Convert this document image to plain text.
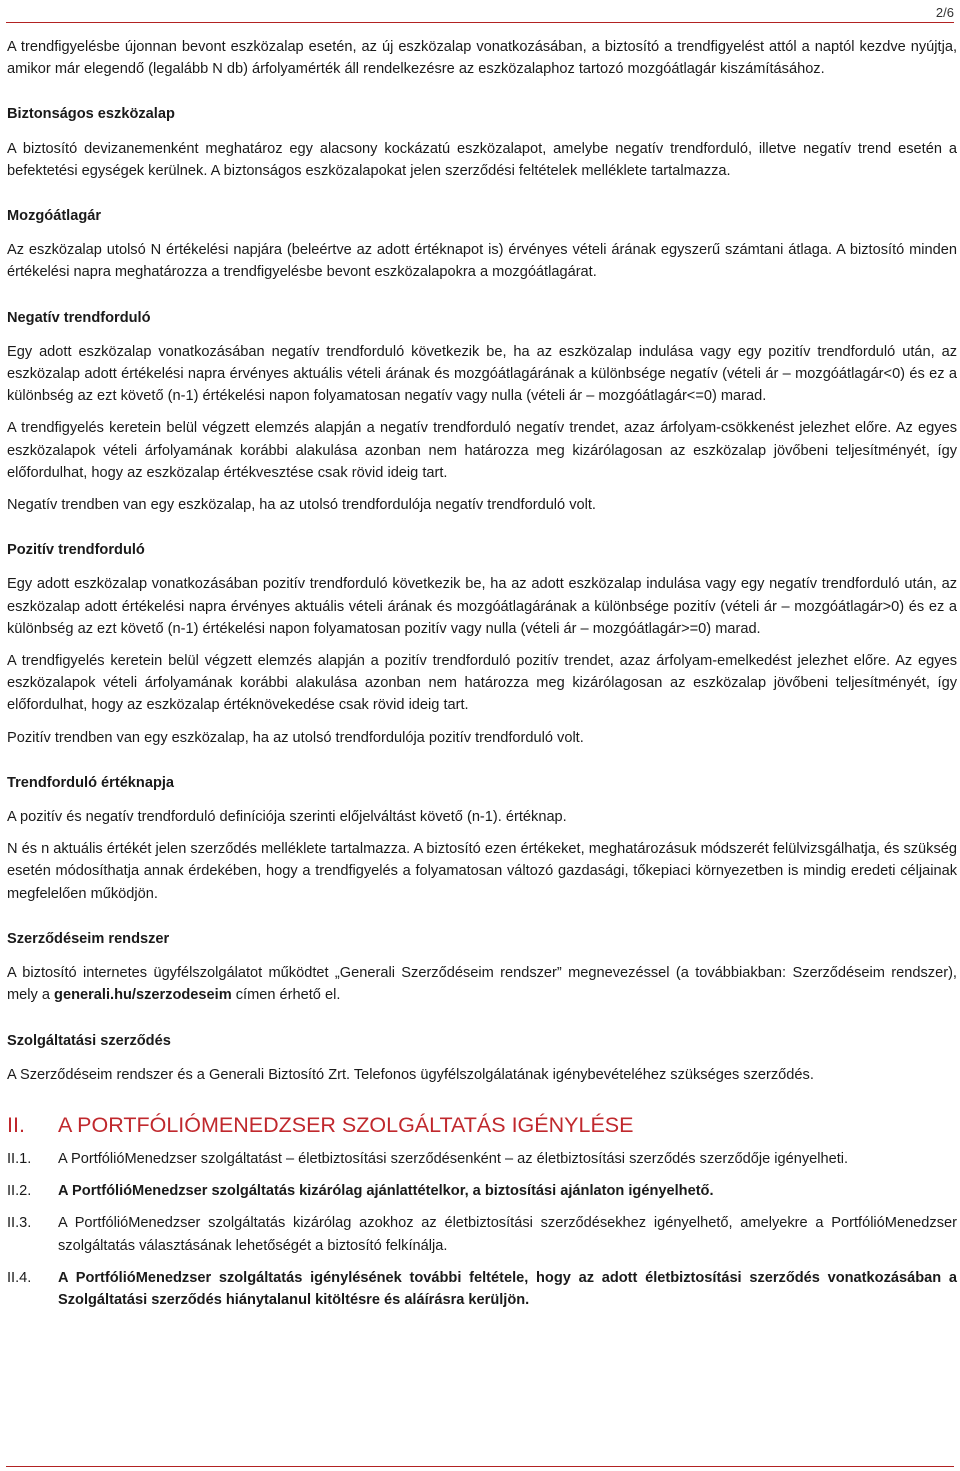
2/6

A trendfigyelésbe újonnan bevont eszközalap esetén, az új eszközalap vonatkozásában, a biztosító a trendfigyelést attól a naptól kezdve nyújtja, amikor már elegendő (legalább N db) árfolyamérték áll rendelkezésre az eszközalaphoz tartozó mozgóátlagár kiszámításához.

Biztonságos eszközalap

A biztosító devizanemenként meghatároz egy alacsony kockázatú eszközalapot, amelybe negatív trendforduló, illetve negatív trend esetén a befektetési egységek kerülnek. A biztonságos eszközalapokat jelen szerződési feltételek melléklete tartalmazza.

Mozgóátlagár

Az eszközalap utolsó N értékelési napjára (beleértve az adott értéknapot is) érvényes vételi árának egyszerű számtani átlaga. A biztosító minden értékelési napra meghatározza a trendfigyelésbe bevont eszközalapokra a mozgóátlagárat.

Negatív trendforduló

Egy adott eszközalap vonatkozásában negatív trendforduló következik be, ha az eszközalap indulása vagy egy pozitív trendforduló után, az eszközalap adott értékelési napra érvényes aktuális vételi árának és mozgóátlagárának a különbsége negatív (vételi ár – mozgóátlagár<0) és ez a különbség az ezt követő (n-1) értékelési napon folyamatosan negatív vagy nulla (vételi ár – mozgóátlagár<=0) marad.

A trendfigyelés keretein belül végzett elemzés alapján a negatív trendforduló negatív trendet, azaz árfolyam-csökkenést jelezhet előre. Az egyes eszközalapok vételi árfolyamának korábbi alakulása azonban nem határozza meg kizárólagosan az eszközalap jövőbeni teljesítményét, így előfordulhat, hogy az eszközalap értékvesztése csak rövid ideig tart.

Negatív trendben van egy eszközalap, ha az utolsó trendfordulója negatív trendforduló volt.

Pozitív trendforduló

Egy adott eszközalap vonatkozásában pozitív trendforduló következik be, ha az adott eszközalap indulása vagy egy negatív trendforduló után, az eszközalap adott értékelési napra érvényes aktuális vételi árának és mozgóátlagárának a különbsége pozitív (vételi ár – mozgóátlagár>0) és ez a különbség az ezt követő (n-1) értékelési napon folyamatosan pozitív vagy nulla (vételi ár – mozgóátlagár>=0) marad.

A trendfigyelés keretein belül végzett elemzés alapján a pozitív trendforduló pozitív trendet, azaz árfolyam-emelkedést jelezhet előre. Az egyes eszközalapok vételi árfolyamának korábbi alakulása azonban nem határozza meg kizárólagosan az eszközalap jövőbeni teljesítményét, így előfordulhat, hogy az eszközalap értéknövekedése csak rövid ideig tart.

Pozitív trendben van egy eszközalap, ha az utolsó trendfordulója pozitív trendforduló volt.

Trendforduló értéknapja

A pozitív és negatív trendforduló definíciója szerinti előjelváltást követő (n-1). értéknap.

N és n aktuális értékét jelen szerződés melléklete tartalmazza. A biztosító ezen értékeket, meghatározásuk módszerét felülvizsgálhatja, és szükség esetén módosíthatja annak érdekében, hogy a trendfigyelés a folyamatosan változó gazdasági, tőkepiaci környezetben is mindig eredeti céljainak megfelelően működjön.

Szerződéseim rendszer

A biztosító internetes ügyfélszolgálatot működtet „Generali Szerződéseim rendszer” megnevezéssel (a továbbiakban: Szerződéseim rendszer), mely a generali.hu/szerzodeseim címen érhető el.

Szolgáltatási szerződés

A Szerződéseim rendszer és a Generali Biztosító Zrt. Telefonos ügyfélszolgálatának igénybevételéhez szükséges szerződés.

II.	A PORTFÓLIÓMENEDZSER SZOLGÁLTATÁS IGÉNYLÉSE
II.1.	A PortfólióMenedzser szolgáltatást – életbiztosítási szerződésenként – az életbiztosítási szerződés szerződője igényelheti.
II.2.	A PortfólióMenedzser szolgáltatás kizárólag ajánlattételkor, a biztosítási ajánlaton igényelhető.
II.3.	A PortfólióMenedzser szolgáltatás kizárólag azokhoz az életbiztosítási szerződésekhez igényelhető, amelyekre a PortfólióMenedzser szolgáltatás választásának lehetőségét a biztosító felkínálja.
II.4.	A PortfólióMenedzser szolgáltatás igénylésének további feltétele, hogy az adott életbiztosítási szerződés vonatkozásában a Szolgáltatási szerződés hiánytalanul kitöltésre és aláírásra kerüljön.
